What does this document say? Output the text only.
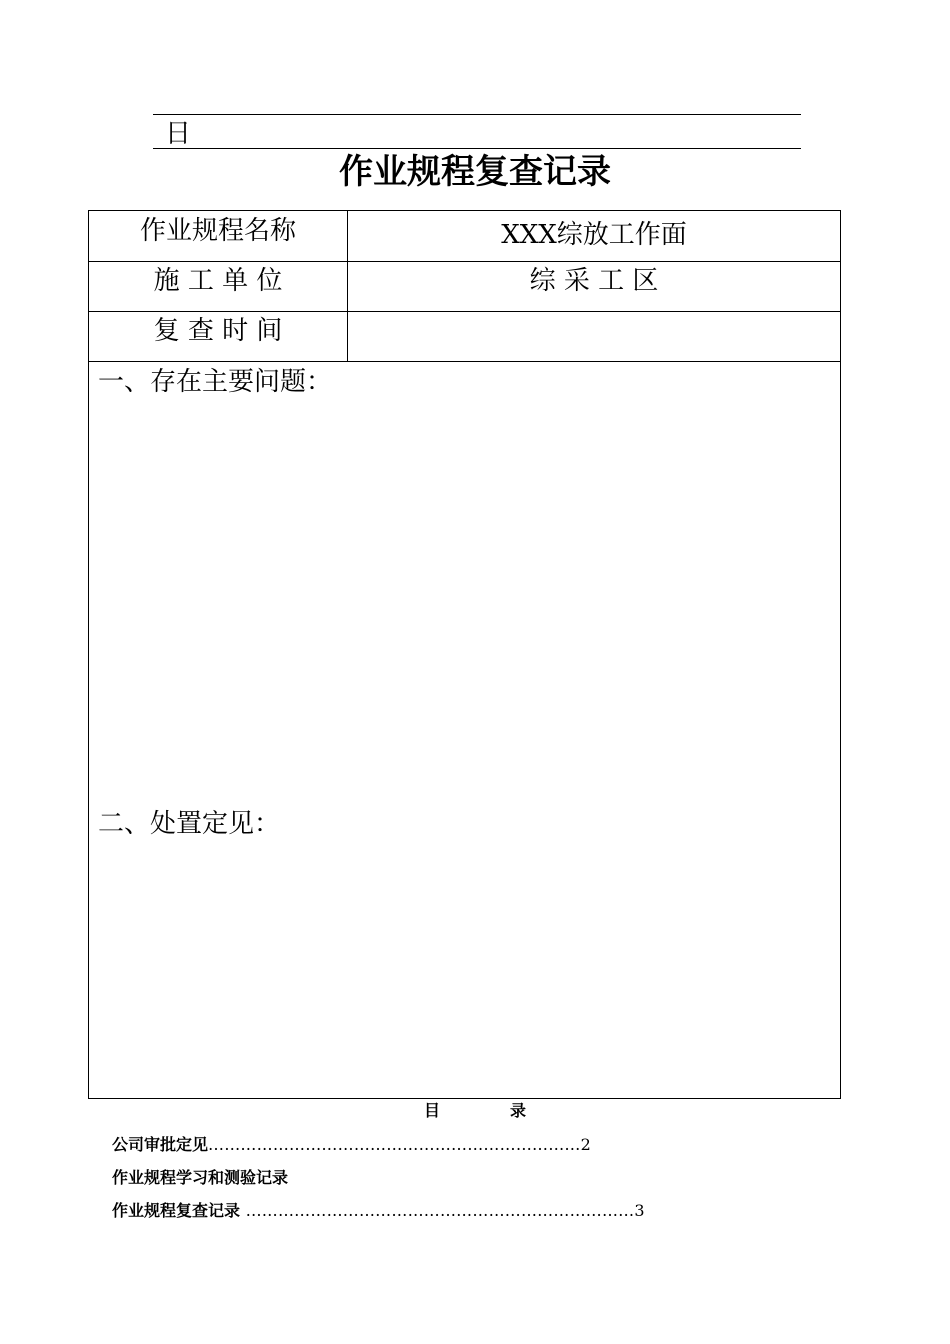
日
作业规程复查记录
作业规程名称	XXX综放工作面
施 工 单 位	综 采 工 区
复 查 时 间
一、存在主要问题：
二、处置定见：
目录
公司审批定见……………………………………………………………2
作业规程学习和测验记录
作业规程复查记录 ………………………………………………………………3
